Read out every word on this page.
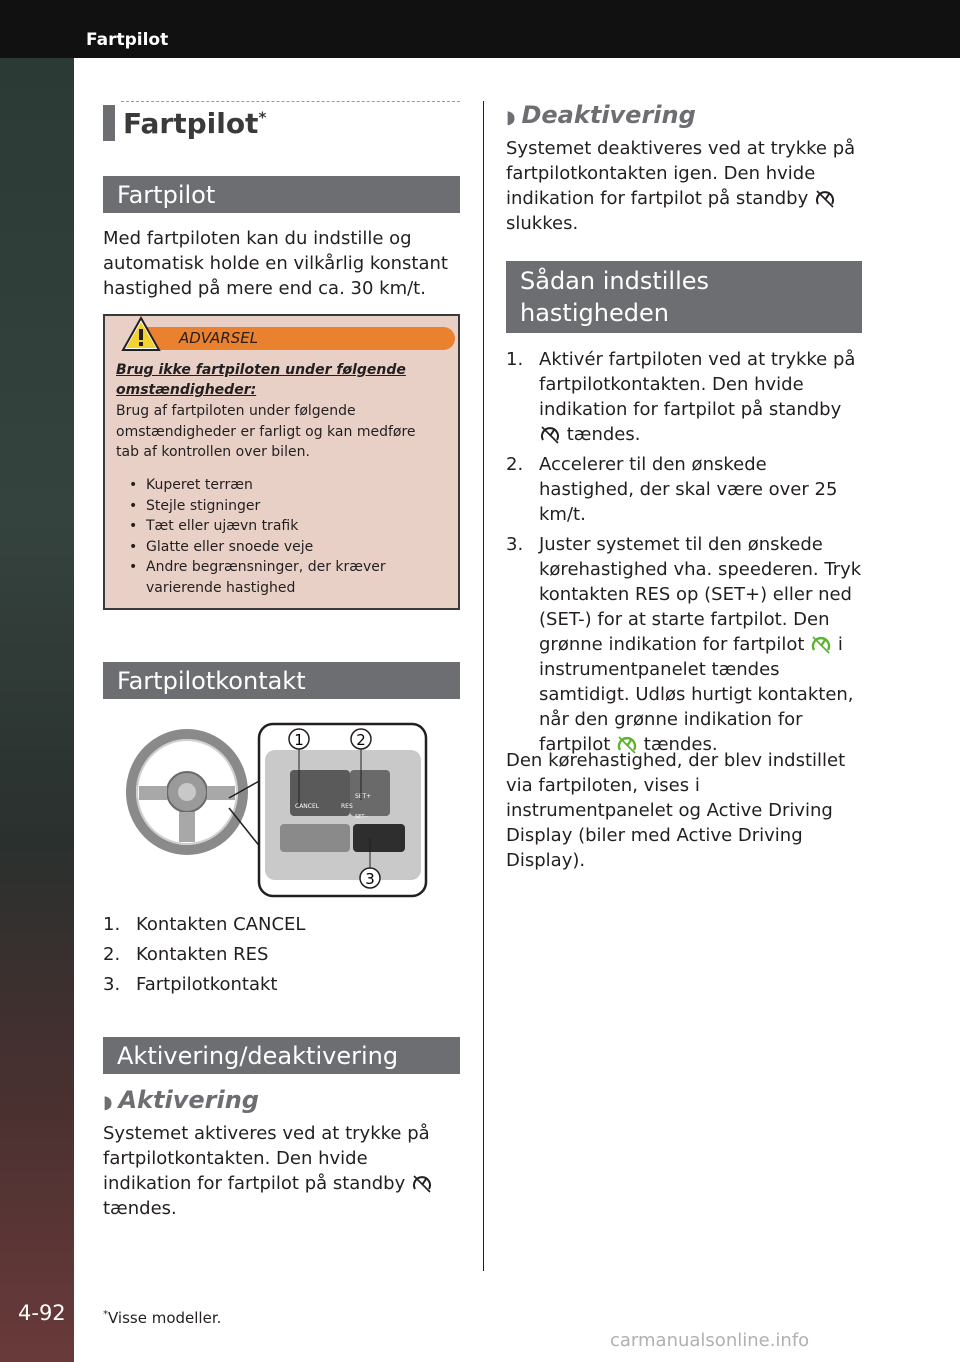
Fartpilot
4-92
Fartpilot*
Fartpilot
Med fartpiloten kan du indstille og automatisk holde en vilkårlig konstant hastighed på mere end ca. 30 km/t.
ADVARSEL
Brug ikke fartpiloten under følgende omstændigheder:
Brug af fartpiloten under følgende omstændigheder er farligt og kan medføre tab af kontrollen over bilen.
• Kuperet terræn
• Stejle stigninger
• Tæt eller ujævn trafik
• Glatte eller snoede veje
• Andre begrænsninger, der kræver varierende hastighed
Fartpilotkontakt
CANCEL
SET+
RES
SET−
1	2
3
1. Kontakten CANCEL
2. Kontakten RES
3. Fartpilotkontakt
Aktivering/deaktivering
◗ Aktivering
Systemet aktiveres ved at trykke på fartpilotkontakten. Den hvide indikation for fartpilot på standby  tændes.
◗ Deaktivering
Systemet deaktiveres ved at trykke på fartpilotkontakten igen. Den hvide indikation for fartpilot på standby  slukkes.
Sådan indstilles
hastigheden
1. Aktivér fartpiloten ved at trykke på fartpilotkontakten. Den hvide indikation for fartpilot på standby  tændes.
2. Accelerer til den ønskede hastighed, der skal være over 25 km/t.
3. Juster systemet til den ønskede kørehastighed vha. speederen. Tryk kontakten RES op (SET+) eller ned (SET-) for at starte fartpilot. Den grønne indikation for fartpilot i instrumentpanelet tændes samtidigt. Udløs hurtigt kontakten, når den grønne indikation for fartpilot tændes.
Den kørehastighed, der blev indstillet via fartpiloten, vises i instrumentpanelet og Active Driving Display (biler med Active Driving Display).
*Visse modeller.
carmanualsonline.info
